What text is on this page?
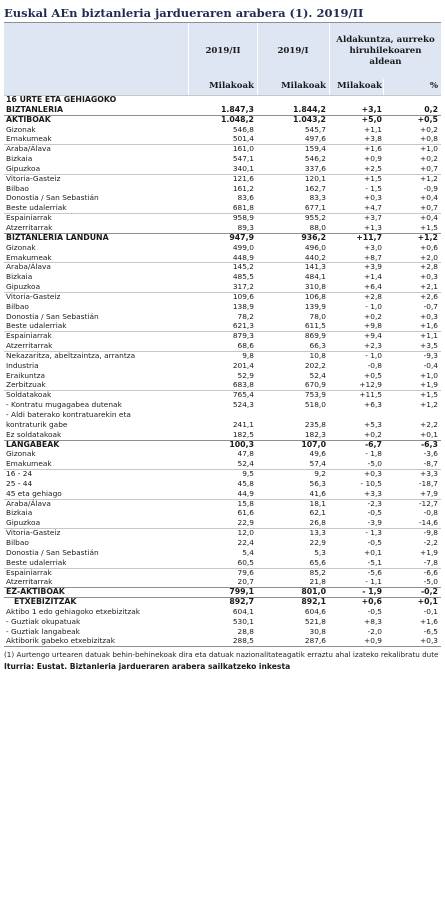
Euskal AEn biztanleria jardueraren arabera (1). 2019/II
2019/II	2019/I
Aldakuntza, aurreko hiruhilekoaren aldean
Milakoak	Milakoak	Milakoak	%
16 URTE ETA GEHIAGOKO
BIZTANLERIA	1.847,3	1.844,2	+3,1	0,2
AKTIBOAK	1.048,2	1.043,2	+5,0	+0,5
Gizonak	546,8	545,7	+1,1	+0,2
Emakumeak	501,4	497,6	+3,8	+0,8
Araba/Álava	161,0	159,4	+1,6	+1,0
Bizkaia	547,1	546,2	+0,9	+0,2
Gipuzkoa	340,1	337,6	+2,5	+0,7
Vitoria-Gasteiz	121,6	120,1	+1,5	+1,2
Bilbao	161,2	162,7	- 1,5	-0,9
Donostia / San Sebastián	83,6	83,3	+0,3	+0,4
Beste udalerriak	681,8	677,1	+4,7	+0,7
Espainiarrak	958,9	955,2	+3,7	+0,4
Atzerritarrak	89,3	88,0	+1,3	+1,5
BIZTANLERIA LANDUNA	947,9	936,2	+11,7	+1,2
Gizonak	499,0	496,0	+3,0	+0,6
Emakumeak	448,9	440,2	+8,7	+2,0
Araba/Álava	145,2	141,3	+3,9	+2,8
Bizkaia	485,5	484,1	+1,4	+0,3
Gipuzkoa	317,2	310,8	+6,4	+2,1
Vitoria-Gasteiz	109,6	106,8	+2,8	+2,6
Bilbao	138,9	139,9	- 1,0	-0,7
Donostia / San Sebastián	78,2	78,0	+0,2	+0,3
Beste udalerriak	621,3	611,5	+9,8	+1,6
Espainiarrak	879,3	869,9	+9,4	+1,1
Atzerritarrak	68,6	66,3	+2,3	+3,5
Nekazaritza, abeltzaintza, arrantza	9,8	10,8	- 1,0	-9,3
Industria	201,4	202,2	-0,8	-0,4
Eraikuntza	52,9	52,4	+0,5	+1,0
Zerbitzuak	683,8	670,9	+12,9	+1,9
Soldatakoak	765,4	753,9	+11,5	+1,5
- Kontratu mugagabea dutenak	524,3	518,0	+6,3	+1,2
- Aldi baterako kontratuarekin eta
kontraturik gabe	241,1	235,8	+5,3	+2,2
Ez soldatakoak	182,5	182,3	+0,2	+0,1
LANGABEAK	100,3	107,0	-6,7	-6,3
Gizonak	47,8	49,6	- 1,8	-3,6
Emakumeak	52,4	57,4	-5,0	-8,7
16 - 24	9,5	9,2	+0,3	+3,3
25 - 44	45,8	56,3	- 10,5	-18,7
45 eta gehiago	44,9	41,6	+3,3	+7,9
Araba/Álava	15,8	18,1	-2,3	-12,7
Bizkaia	61,6	62,1	-0,5	-0,8
Gipuzkoa	22,9	26,8	-3,9	-14,6
Vitoria-Gasteiz	12,0	13,3	- 1,3	-9,8
Bilbao	22,4	22,9	-0,5	-2,2
Donostia / San Sebastián	5,4	5,3	+0,1	+1,9
Beste udalerriak	60,5	65,6	-5,1	-7,8
Espainiarrak	79,6	85,2	-5,6	-6,6
Atzerritarrak	20,7	21,8	- 1,1	-5,0
EZ-AKTIBOAK	799,1	801,0	- 1,9	-0,2
ETXEBIZITZAK	892,7	892,1	+0,6	+0,1
Aktibo 1 edo gehiagoko etxebizitzak	604,1	604,6	-0,5	-0,1
- Guztiak okupatuak	530,1	521,8	+8,3	+1,6
- Guztiak langabeak	28,8	30,8	-2,0	-6,5
Aktiborik gabeko etxebizitzak	288,5	287,6	+0,9	+0,3
(1) Aurtengo urtearen datuak behin-behinekoak dira eta datuak nazionalitateagatik erraztu ahal izateko rekalibratu dute
Iturria: Eustat. Biztanleria jardueraren arabera sailkatzeko inkesta
